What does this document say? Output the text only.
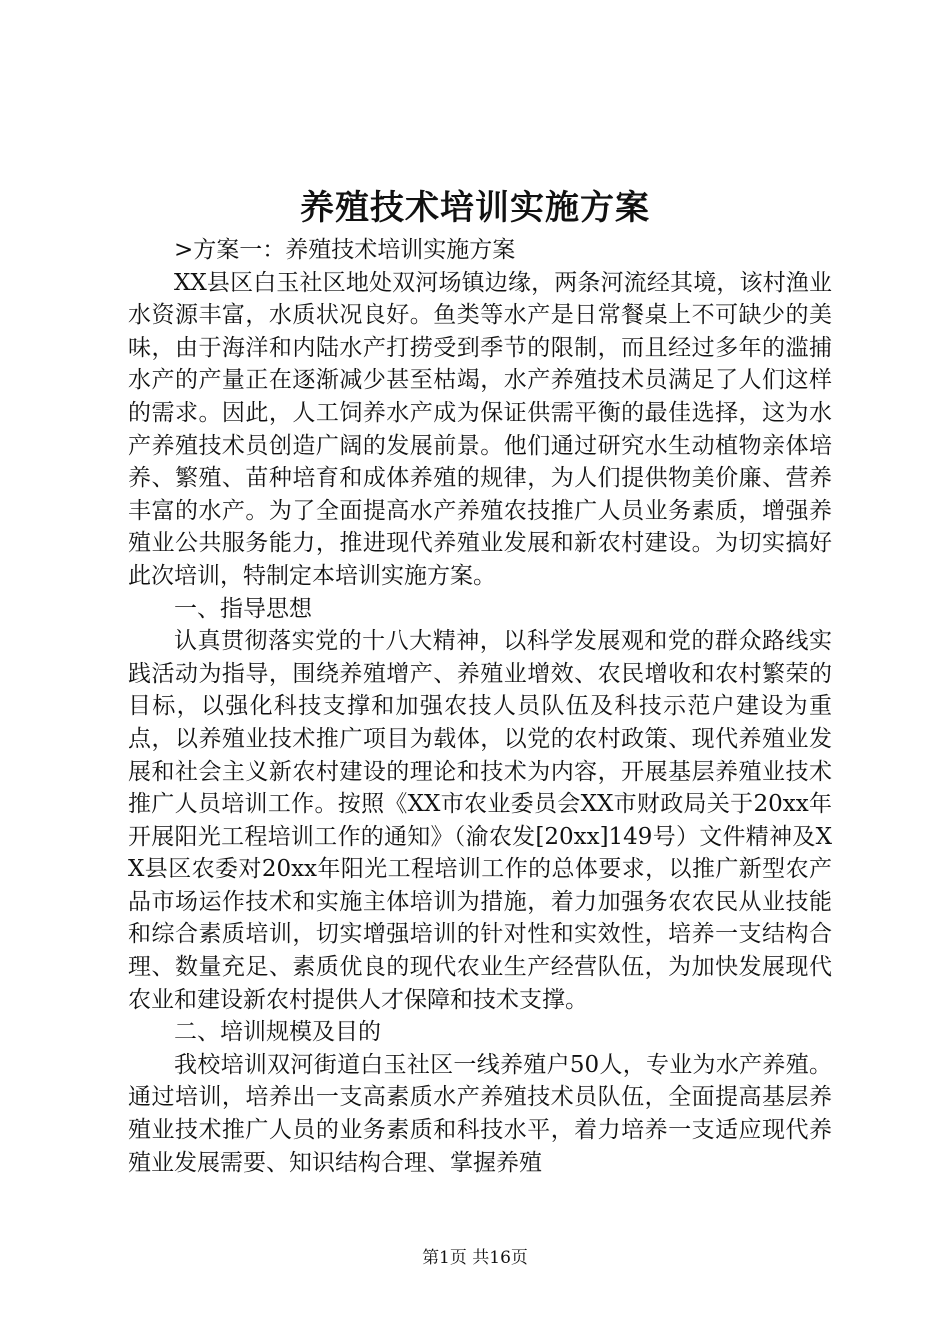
养殖技术培训实施方案

>方案一：养殖技术培训实施方案

XX县区白玉社区地处双河场镇边缘，两条河流经其境，该村渔业水资源丰富，水质状况良好。鱼类等水产是日常餐桌上不可缺少的美味，由于海洋和内陆水产打捞受到季节的限制，而且经过多年的滥捕水产的产量正在逐渐减少甚至枯竭，水产养殖技术员满足了人们这样的需求。因此，人工饲养水产成为保证供需平衡的最佳选择，这为水产养殖技术员创造广阔的发展前景。他们通过研究水生动植物亲体培养、繁殖、苗种培育和成体养殖的规律，为人们提供物美价廉、营养丰富的水产。为了全面提高水产养殖农技推广人员业务素质，增强养殖业公共服务能力，推进现代养殖业发展和新农村建设。为切实搞好此次培训，特制定本培训实施方案。

一、指导思想

认真贯彻落实党的十八大精神，以科学发展观和党的群众路线实践活动为指导，围绕养殖增产、养殖业增效、农民增收和农村繁荣的目标，以强化科技支撑和加强农技人员队伍及科技示范户建设为重点，以养殖业技术推广项目为载体，以党的农村政策、现代养殖业发展和社会主义新农村建设的理论和技术为内容，开展基层养殖业技术推广人员培训工作。按照《XX市农业委员会XX市财政局关于20xx年开展阳光工程培训工作的通知》（渝农发[20xx]149号）文件精神及XX县区农委对20xx年阳光工程培训工作的总体要求，以推广新型农产品市场运作技术和实施主体培训为措施，着力加强务农农民从业技能和综合素质培训，切实增强培训的针对性和实效性，培养一支结构合理、数量充足、素质优良的现代农业生产经营队伍，为加快发展现代农业和建设新农村提供人才保障和技术支撑。

二、培训规模及目的

我校培训双河街道白玉社区一线养殖户50人，专业为水产养殖。通过培训，培养出一支高素质水产养殖技术员队伍，全面提高基层养殖业技术推广人员的业务素质和科技水平，着力培养一支适应现代养殖业发展需要、知识结构合理、掌握养殖

第1页 共16页
